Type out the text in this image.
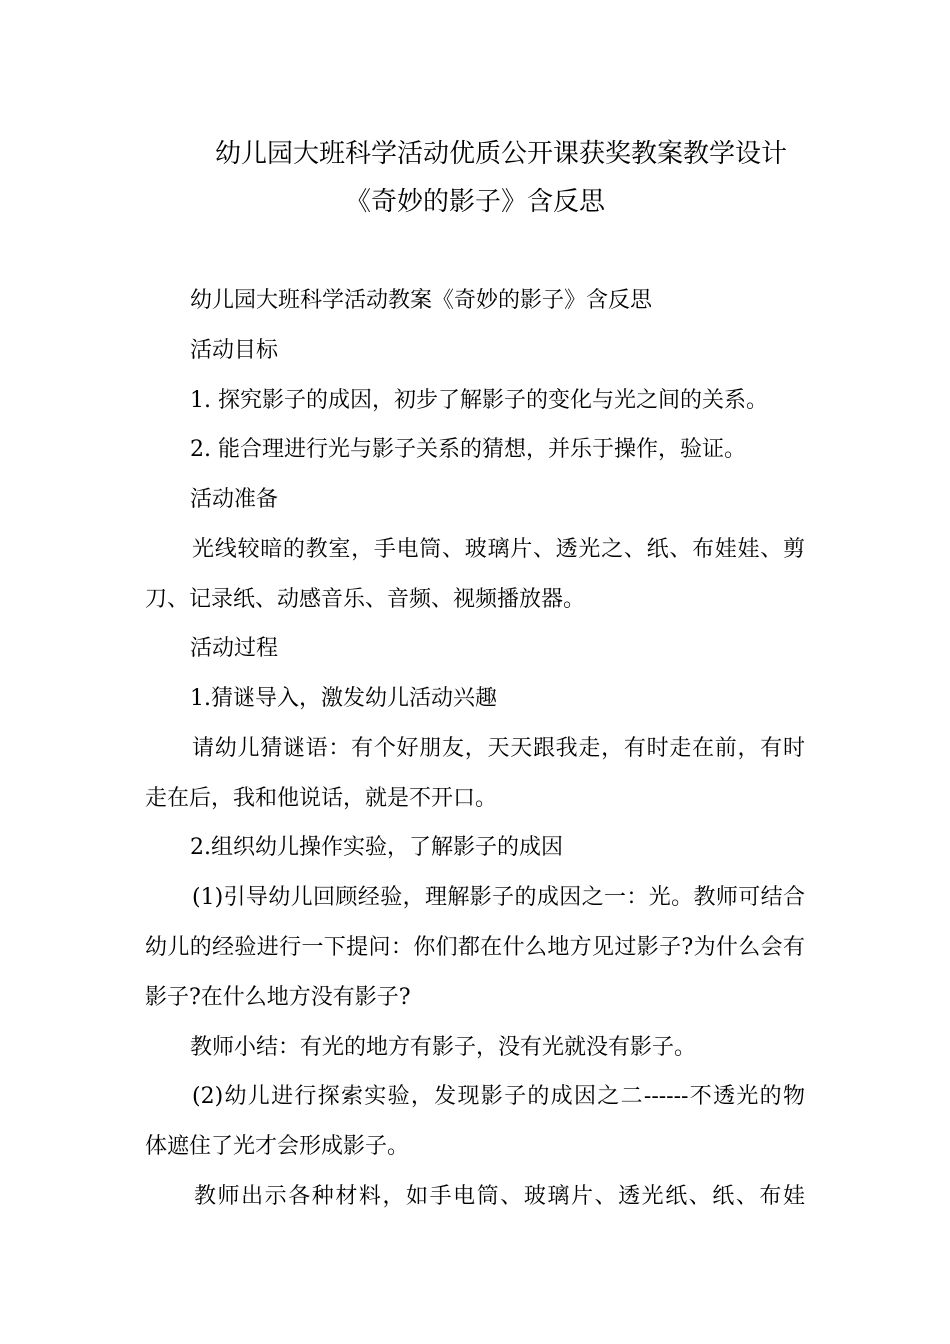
幼儿园大班科学活动优质公开课获奖教案教学设计
《奇妙的影子》含反思
幼儿园大班科学活动教案《奇妙的影子》含反思
活动目标
1. 探究影子的成因，初步了解影子的变化与光之间的关系。
2. 能合理进行光与影子关系的猜想，并乐于操作，验证。
活动准备
光线较暗的教室，手电筒、玻璃片、透光之、纸、布娃娃、剪
刀、记录纸、动感音乐、音频、视频播放器。
活动过程
1.猜谜导入，激发幼儿活动兴趣
请幼儿猜谜语：有个好朋友，天天跟我走，有时走在前，有时
走在后，我和他说话，就是不开口。
2.组织幼儿操作实验，了解影子的成因
(1)引导幼儿回顾经验，理解影子的成因之一：光。教师可结合
幼儿的经验进行一下提问：你们都在什么地方见过影子?为什么会有
影子?在什么地方没有影子?
教师小结：有光的地方有影子，没有光就没有影子。
(2)幼儿进行探索实验，发现影子的成因之二------不透光的物
体遮住了光才会形成影子。
教师出示各种材料，如手电筒、玻璃片、透光纸、纸、布娃
